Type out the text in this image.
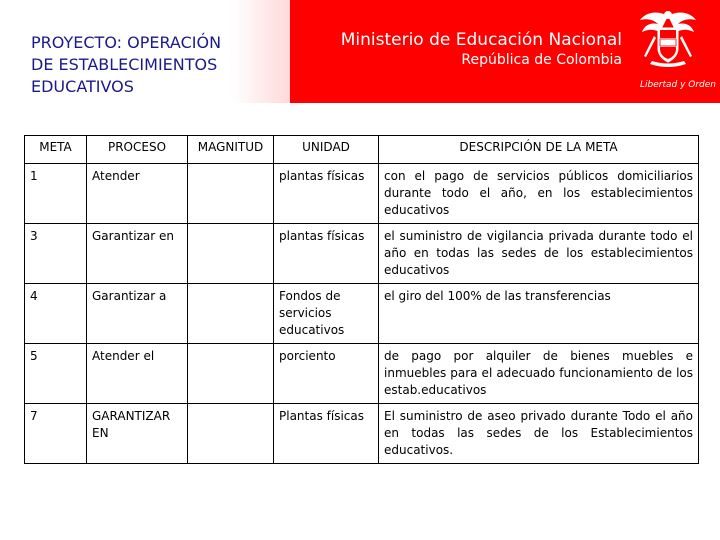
PROYECTO: OPERACIÓN
DE ESTABLECIMIENTOS
EDUCATIVOS
Ministerio de Educación Nacional
República de Colombia
Libertad y Orden
META	PROCESO	MAGNITUD	UNIDAD	DESCRIPCIÓN DE LA META
1	Atender		plantas físicas	con el pago de servicios públicos domiciliarios durante todo el año, en los establecimientos educativos
3	Garantizar en		plantas físicas	el suministro de vigilancia privada durante todo el año en todas las sedes de los establecimientos educativos
4	Garantizar a		Fondos de servicios educativos	el giro del 100% de las transferencias
5	Atender el		porciento	de pago por alquiler de bienes muebles e inmuebles para el adecuado funcionamiento de los estab.educativos
7	GARANTIZAR EN		Plantas físicas	El suministro de aseo privado durante Todo el año en todas las sedes de los Establecimientos educativos.
